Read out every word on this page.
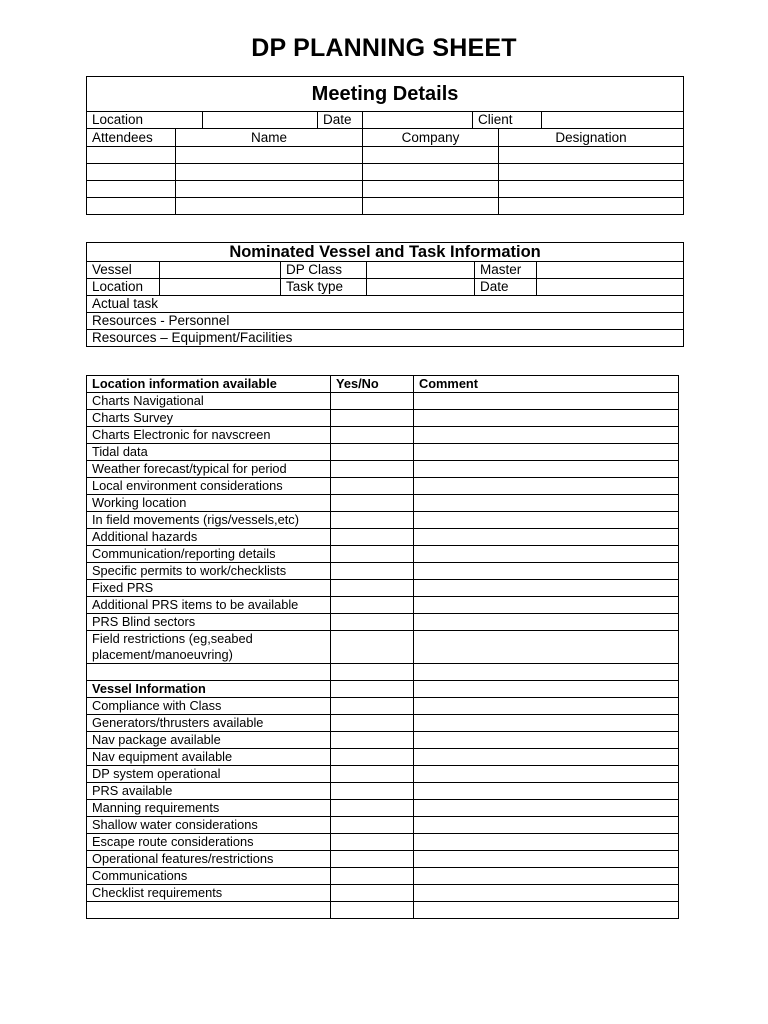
DP PLANNING SHEET
Meeting Details							
Location			Date		Client		
Attendees	Name			Company		Designation	

Nominated Vessel and Task Information					
Vessel		DP Class		Master	
Location		Task type		Date	
Actual task					
Resources - Personnel					
Resources – Equipment/Facilities					
Location information available	Yes/No	Comment
Charts Navigational		
Charts Survey		
Charts Electronic for navscreen		
Tidal data		
Weather forecast/typical for period		
Local environment considerations		
Working location		
In field movements (rigs/vessels,etc)		
Additional hazards		
Communication/reporting details		
Specific permits to work/checklists		
Fixed PRS		
Additional PRS items to be available		
PRS Blind sectors		
Field restrictions (eg,seabed placement/manoeuvring)		

Vessel Information		
Compliance with Class		
Generators/thrusters available		
Nav package available		
Nav equipment available		
DP system operational		
PRS available		
Manning requirements		
Shallow water considerations		
Escape route considerations		
Operational features/restrictions		
Communications		
Checklist requirements		
